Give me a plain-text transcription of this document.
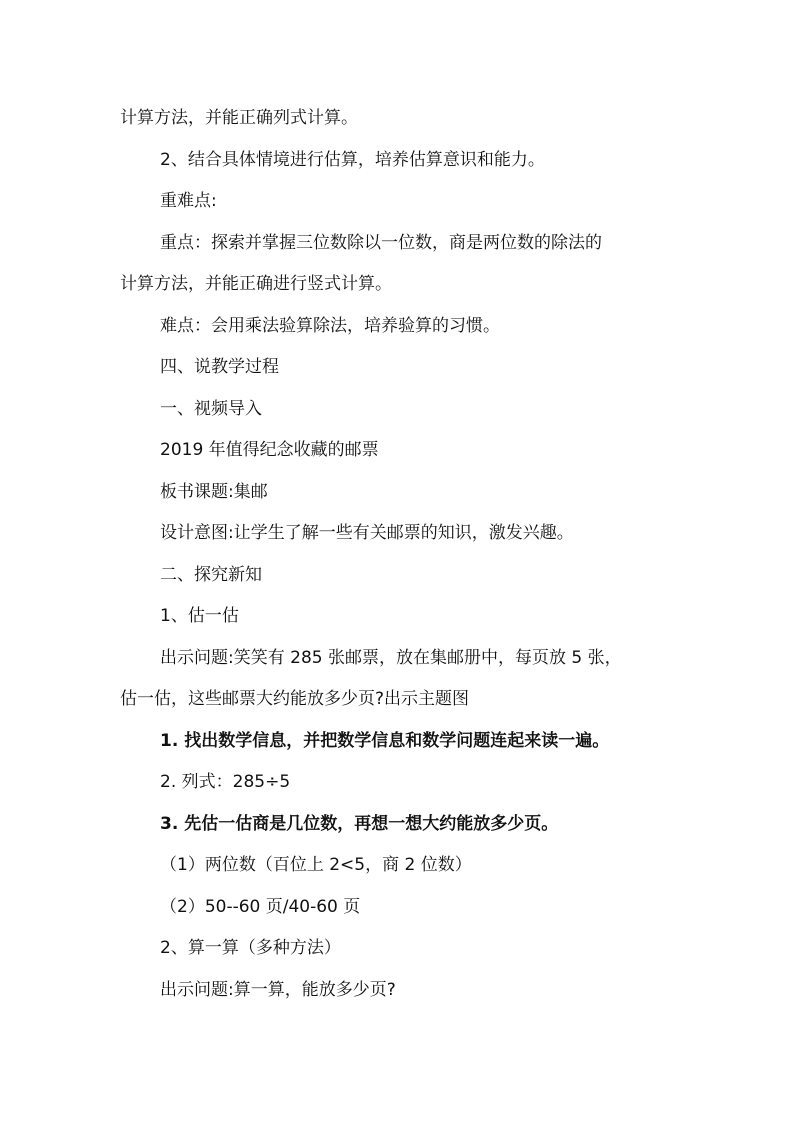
计算方法，并能正确列式计算。
2、结合具体情境进行估算，培养估算意识和能力。
重难点:
重点：探索并掌握三位数除以一位数，商是两位数的除法的
计算方法，并能正确进行竖式计算。
难点：会用乘法验算除法，培养验算的习惯。
四、说教学过程
一、视频导入
2019 年值得纪念收藏的邮票
板书课题:集邮
设计意图:让学生了解一些有关邮票的知识，激发兴趣。
二、探究新知
1、估一估
出示问题:笑笑有 285 张邮票，放在集邮册中，每页放 5 张，
估一估，这些邮票大约能放多少页?出示主题图
1. 找出数学信息，并把数学信息和数学问题连起来读一遍。
2. 列式：285÷5
3. 先估一估商是几位数，再想一想大约能放多少页。
（1）两位数（百位上 2<5，商 2 位数）
（2）50--60 页/40-60 页
2、算一算（多种方法）
出示问题:算一算，能放多少页?
